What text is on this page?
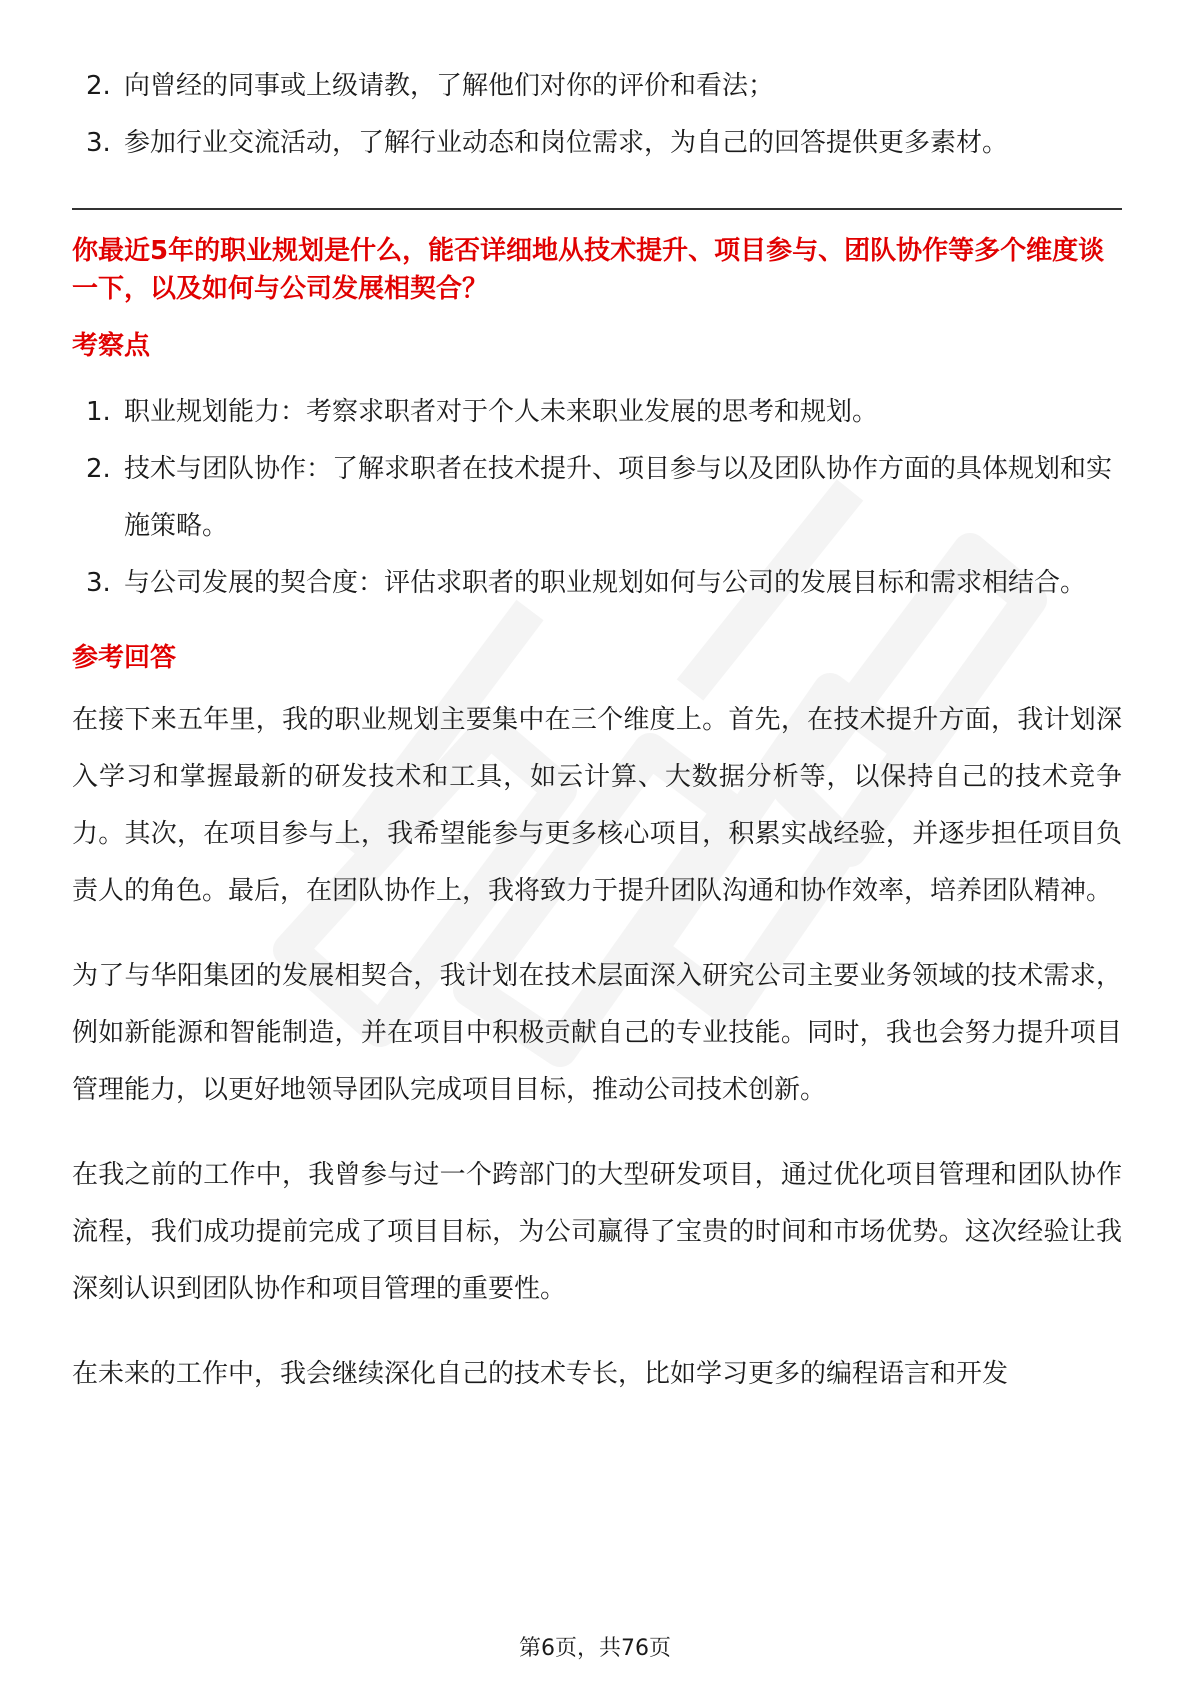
2. 向曾经的同事或上级请教，了解他们对你的评价和看法；
3. 参加行业交流活动，了解行业动态和岗位需求，为自己的回答提供更多素材。

你最近5年的职业规划是什么，能否详细地从技术提升、项目参与、团队协作等多个维度谈一下，以及如何与公司发展相契合？

考察点
1. 职业规划能力：考察求职者对于个人未来职业发展的思考和规划。
2. 技术与团队协作：了解求职者在技术提升、项目参与以及团队协作方面的具体规划和实施策略。
3. 与公司发展的契合度：评估求职者的职业规划如何与公司的发展目标和需求相结合。
参考回答

在接下来五年里，我的职业规划主要集中在三个维度上。首先，在技术提升方面，我计划深入学习和掌握最新的研发技术和工具，如云计算、大数据分析等，以保持自己的技术竞争力。其次，在项目参与上，我希望能参与更多核心项目，积累实战经验，并逐步担任项目负责人的角色。最后，在团队协作上，我将致力于提升团队沟通和协作效率，培养团队精神。

为了与华阳集团的发展相契合，我计划在技术层面深入研究公司主要业务领域的技术需求，例如新能源和智能制造，并在项目中积极贡献自己的专业技能。同时，我也会努力提升项目管理能力，以更好地领导团队完成项目目标，推动公司技术创新。

在我之前的工作中，我曾参与过一个跨部门的大型研发项目，通过优化项目管理和团队协作流程，我们成功提前完成了项目目标，为公司赢得了宝贵的时间和市场优势。这次经验让我深刻认识到团队协作和项目管理的重要性。

在未来的工作中，我会继续深化自己的技术专长，比如学习更多的编程语言和开发

第6页，共76页
